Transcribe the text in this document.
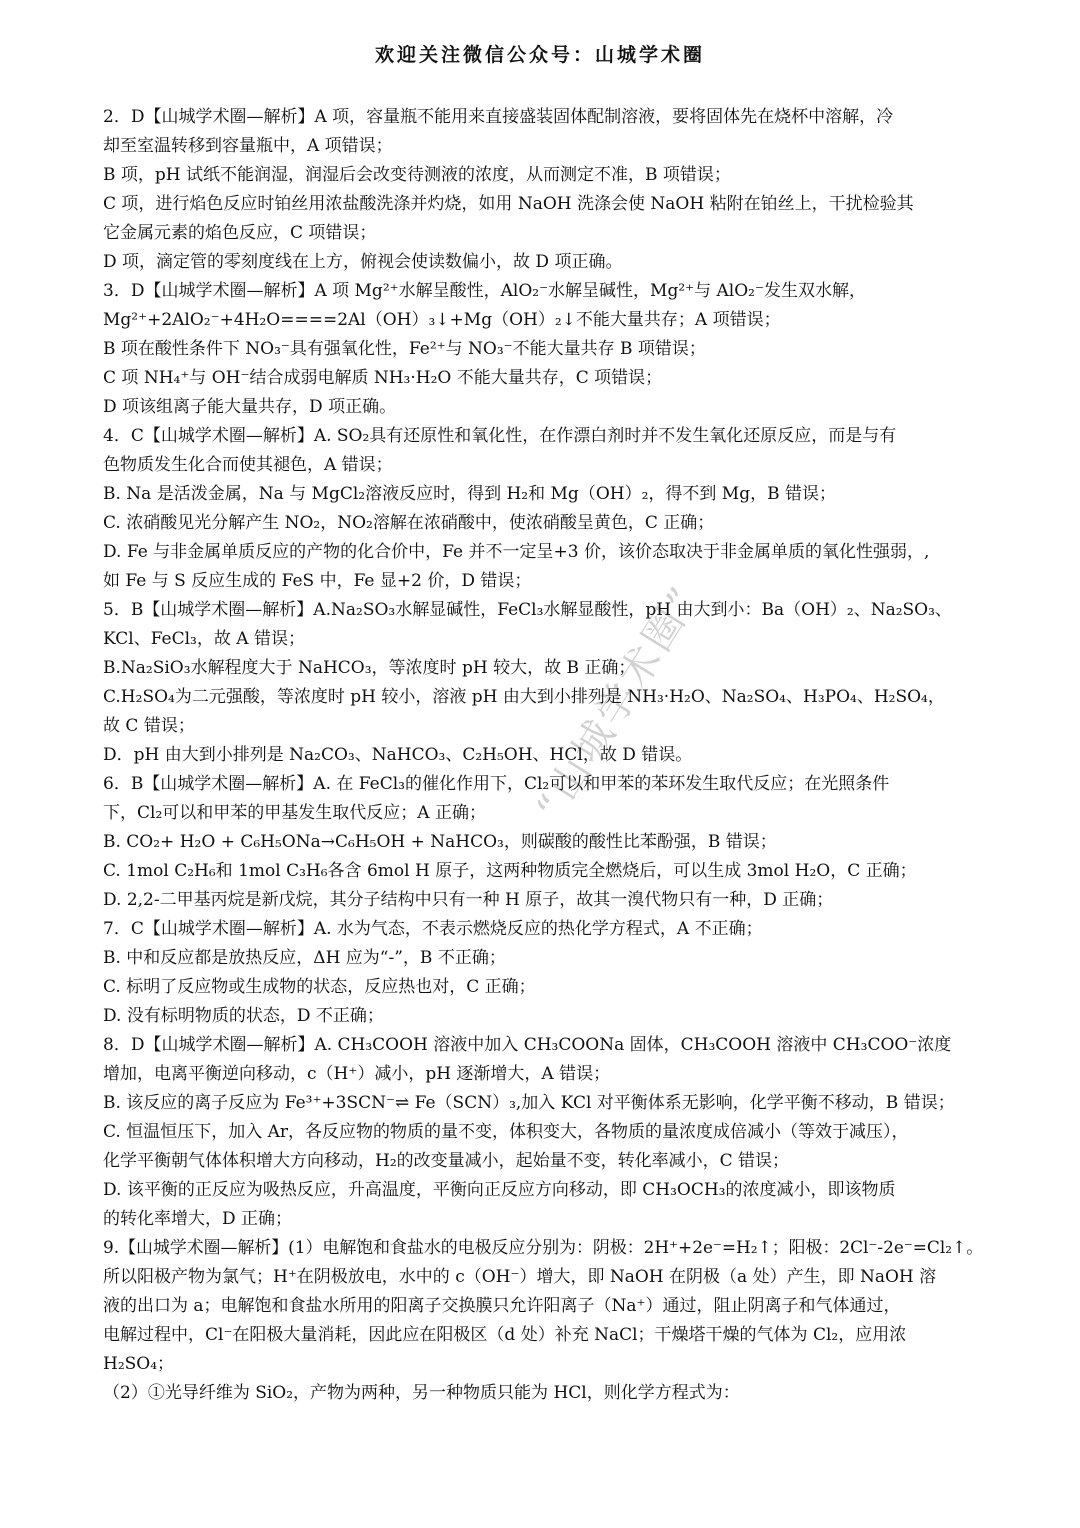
欢迎关注微信公众号：山城学术圈
2．D【山城学术圈—解析】A 项，容量瓶不能用来直接盛装固体配制溶液，要将固体先在烧杯中溶解，冷
却至室温转移到容量瓶中，A 项错误；
B 项，pH 试纸不能润湿，润湿后会改变待测液的浓度，从而测定不准，B 项错误；
C 项，进行焰色反应时铂丝用浓盐酸洗涤并灼烧，如用 NaOH 洗涤会使 NaOH 粘附在铂丝上，干扰检验其
它金属元素的焰色反应，C 项错误；
D 项，滴定管的零刻度线在上方，俯视会使读数偏小，故 D 项正确。
3．D【山城学术圈—解析】A 项 Mg²⁺水解呈酸性，AlO₂⁻水解呈碱性，Mg²⁺与 AlO₂⁻发生双水解，
Mg²⁺+2AlO₂⁻+4H₂O====2Al（OH）₃↓+Mg（OH）₂↓不能大量共存；A 项错误；
B 项在酸性条件下 NO₃⁻具有强氧化性，Fe²⁺与 NO₃⁻不能大量共存 B 项错误；
C 项 NH₄⁺与 OH⁻结合成弱电解质 NH₃·H₂O 不能大量共存，C 项错误；
D 项该组离子能大量共存，D 项正确。
4．C【山城学术圈—解析】A. SO₂具有还原性和氧化性，在作漂白剂时并不发生氧化还原反应，而是与有
色物质发生化合而使其褪色，A 错误；
B. Na 是活泼金属，Na 与 MgCl₂溶液反应时，得到 H₂和 Mg（OH）₂，得不到 Mg，B 错误；
C. 浓硝酸见光分解产生 NO₂，NO₂溶解在浓硝酸中，使浓硝酸呈黄色，C 正确；
D. Fe 与非金属单质反应的产物的化合价中，Fe 并不一定呈+3 价，该价态取决于非金属单质的氧化性强弱，,
如 Fe 与 S 反应生成的 FeS 中，Fe 显+2 价，D 错误；
5．B【山城学术圈—解析】A.Na₂SO₃水解显碱性，FeCl₃水解显酸性，pH 由大到小：Ba（OH）₂、Na₂SO₃、
KCl、FeCl₃，故 A 错误；
B.Na₂SiO₃水解程度大于 NaHCO₃，等浓度时 pH 较大，故 B 正确；
C.H₂SO₄为二元强酸，等浓度时 pH 较小，溶液 pH 由大到小排列是 NH₃·H₂O、Na₂SO₄、H₃PO₄、H₂SO₄，
故 C 错误；
D．pH 由大到小排列是 Na₂CO₃、NaHCO₃、C₂H₅OH、HCl，故 D 错误。
6．B【山城学术圈—解析】A. 在 FeCl₃的催化作用下，Cl₂可以和甲苯的苯环发生取代反应；在光照条件
下，Cl₂可以和甲苯的甲基发生取代反应；A 正确；
B. CO₂+ H₂O + C₆H₅ONa→C₆H₅OH + NaHCO₃，则碳酸的酸性比苯酚强，B 错误；
C. 1mol C₂H₆和 1mol C₃H₆各含 6mol H 原子，这两种物质完全燃烧后，可以生成 3mol H₂O，C 正确；
D. 2,2-二甲基丙烷是新戊烷，其分子结构中只有一种 H 原子，故其一溴代物只有一种，D 正确；
7．C【山城学术圈—解析】A. 水为气态，不表示燃烧反应的热化学方程式，A 不正确；
B. 中和反应都是放热反应，ΔH 应为“-”，B 不正确；
C. 标明了反应物或生成物的状态，反应热也对，C 正确；
D. 没有标明物质的状态，D 不正确；
8．D【山城学术圈—解析】A. CH₃COOH 溶液中加入 CH₃COONa 固体，CH₃COOH 溶液中 CH₃COO⁻浓度
增加，电离平衡逆向移动，c（H⁺）减小，pH 逐渐增大，A 错误；
B. 该反应的离子反应为 Fe³⁺+3SCN⁻⇌ Fe（SCN）₃,加入 KCl 对平衡体系无影响，化学平衡不移动，B 错误；
C. 恒温恒压下，加入 Ar，各反应物的物质的量不变，体积变大，各物质的量浓度成倍减小（等效于减压），
化学平衡朝气体体积增大方向移动，H₂的改变量减小，起始量不变，转化率减小，C 错误；
D. 该平衡的正反应为吸热反应，升高温度，平衡向正反应方向移动，即 CH₃OCH₃的浓度减小，即该物质
的转化率增大，D 正确；
9.【山城学术圈—解析】(1）电解饱和食盐水的电极反应分别为：阴极：2H⁺+2e⁻=H₂↑；阳极：2Cl⁻-2e⁻=Cl₂↑。
所以阳极产物为氯气；H⁺在阴极放电，水中的 c（OH⁻）增大，即 NaOH 在阴极（a 处）产生，即 NaOH 溶
液的出口为 a；电解饱和食盐水所用的阳离子交换膜只允许阳离子（Na⁺）通过，阻止阴离子和气体通过，
电解过程中，Cl⁻在阳极大量消耗，因此应在阳极区（d 处）补充 NaCl；干燥塔干燥的气体为 Cl₂，应用浓
H₂SO₄；
（2）①光导纤维为 SiO₂，产物为两种，另一种物质只能为 HCl，则化学方程式为：
“山城学术圈”
